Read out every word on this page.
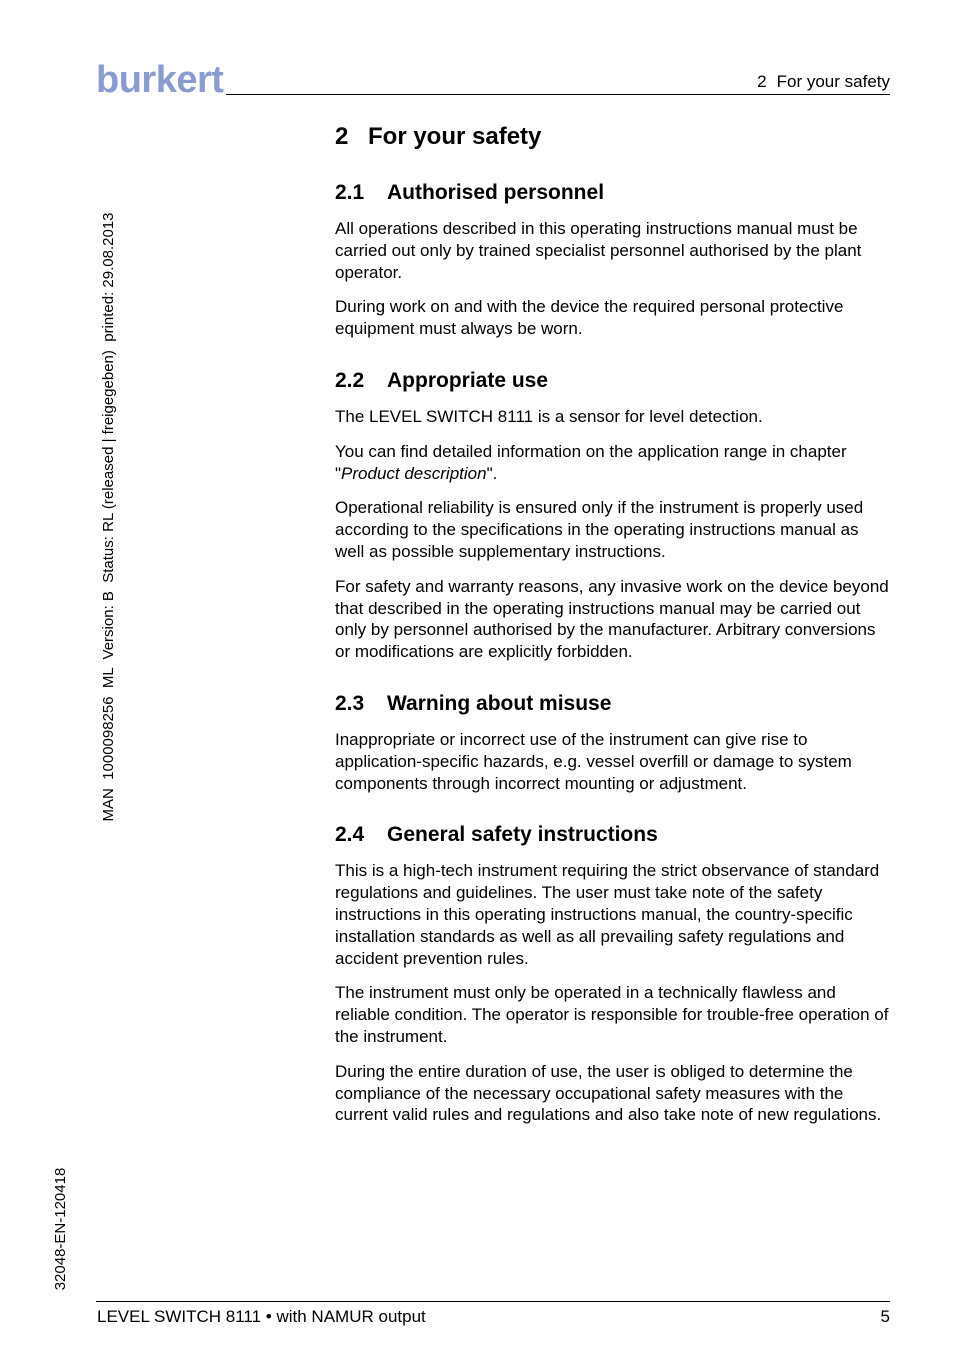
burkert	2 For your safety
MAN  1000098256  ML  Version: B  Status: RL (released | freigegeben)  printed: 29.08.2013
32048-EN-120418
2 For your safety
2.1 Authorised personnel

All operations described in this operating instructions manual must be carried out only by trained specialist personnel authorised by the plant operator.

During work on and with the device the required personal protective equipment must always be worn.

2.2 Appropriate use

The LEVEL SWITCH 8111 is a sensor for level detection.

You can find detailed information on the application range in chapter "Product description".

Operational reliability is ensured only if the instrument is properly used according to the specifications in the operating instructions manual as well as possible supplementary instructions.

For safety and warranty reasons, any invasive work on the device beyond that described in the operating instructions manual may be carried out only by personnel authorised by the manufacturer. Arbitrary conversions or modifications are explicitly forbidden.

2.3 Warning about misuse

Inappropriate or incorrect use of the instrument can give rise to application-specific hazards, e.g. vessel overfill or damage to system components through incorrect mounting or adjustment.

2.4 General safety instructions

This is a high-tech instrument requiring the strict observance of standard regulations and guidelines. The user must take note of the safety instructions in this operating instructions manual, the country-specific installation standards as well as all prevailing safety regulations and accident prevention rules.

The instrument must only be operated in a technically flawless and reliable condition. The operator is responsible for trouble-free operation of the instrument.

During the entire duration of use, the user is obliged to determine the compliance of the necessary occupational safety measures with the current valid rules and regulations and also take note of new regulations.

LEVEL SWITCH 8111 • with NAMUR output	5
